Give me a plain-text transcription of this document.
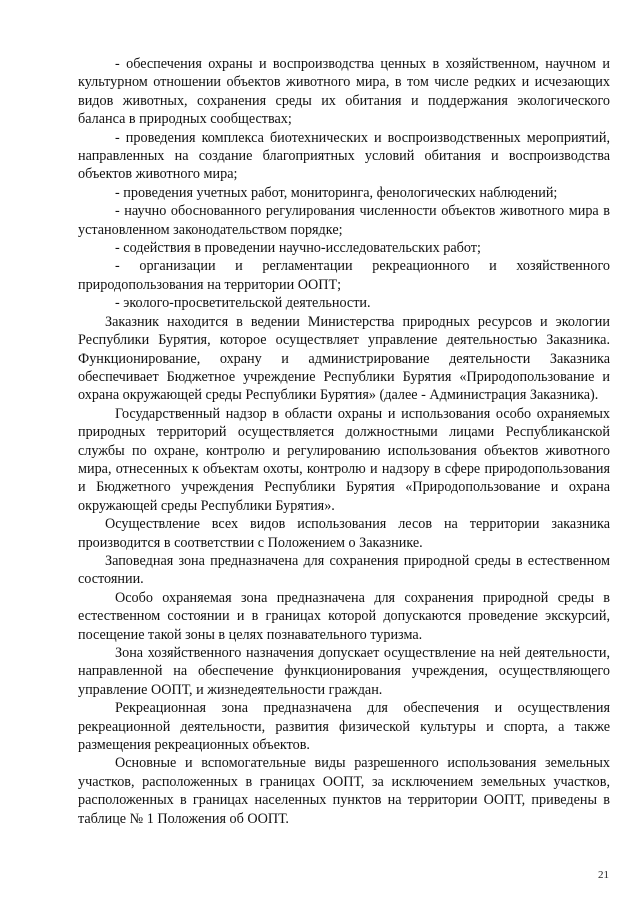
- обеспечения охраны и воспроизводства ценных в хозяйственном, научном и культурном отношении объектов животного мира, в том числе редких и исчезающих видов животных, сохранения среды их обитания и поддержания экологического баланса в природных сообществах;

- проведения комплекса биотехнических и воспроизводственных мероприятий, направленных на создание благоприятных условий обитания и воспроизводства объектов животного мира;

- проведения учетных работ, мониторинга, фенологических наблюдений;

- научно обоснованного регулирования численности объектов животного мира в установленном законодательством порядке;

- содействия в проведении научно-исследовательских работ;

- организации и регламентации рекреационного и хозяйственного природопользования на территории ООПТ;

- эколого-просветительской деятельности.

Заказник находится в ведении Министерства природных ресурсов и экологии Республики Бурятия, которое осуществляет управление деятельностью Заказника. Функционирование, охрану и администрирование деятельности Заказника обеспечивает Бюджетное учреждение Республики Бурятия «Природопользование и охрана окружающей среды Республики Бурятия» (далее - Администрация Заказника).

Государственный надзор в области охраны и использования особо охраняемых природных территорий осуществляется должностными лицами Республиканской службы по охране, контролю и регулированию использования объектов животного мира, отнесенных к объектам охоты, контролю и надзору в сфере природопользования и Бюджетного учреждения Республики Бурятия «Природопользование и охрана окружающей среды Республики Бурятия».

Осуществление всех видов использования лесов на территории заказника производится в соответствии с Положением о Заказнике.

Заповедная зона предназначена для сохранения природной среды в естественном состоянии.

Особо охраняемая зона предназначена для сохранения природной среды в естественном состоянии и в границах которой допускаются проведение экскурсий, посещение такой зоны в целях познавательного туризма.

Зона хозяйственного назначения допускает осуществление на ней деятельности, направленной на обеспечение функционирования учреждения, осуществляющего управление ООПТ, и жизнедеятельности граждан.

Рекреационная зона предназначена для обеспечения и осуществления рекреационной деятельности, развития физической культуры и спорта, а также размещения рекреационных объектов.

Основные и вспомогательные виды разрешенного использования земельных участков, расположенных в границах ООПТ, за исключением земельных участков, расположенных в границах населенных пунктов на территории ООПТ, приведены в таблице № 1 Положения об ООПТ.

21
